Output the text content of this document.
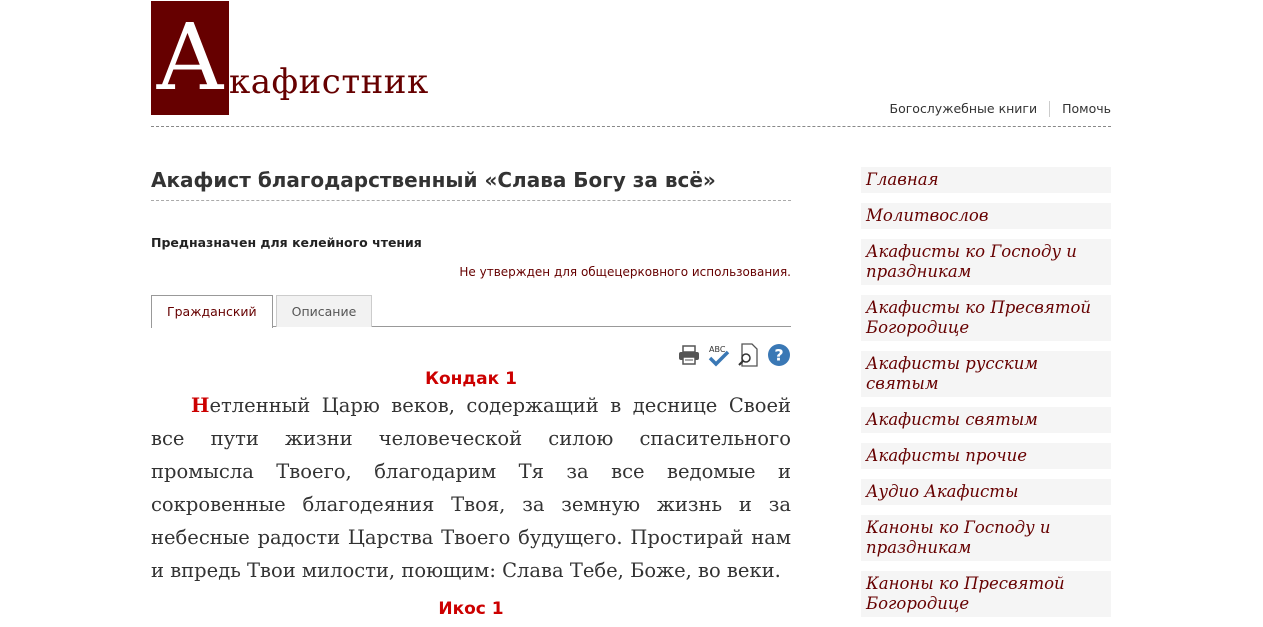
А кафистник
Богослужебные книги Помочь
Акафист благодарственный «Слава Богу за всё»
Предназначен для келейного чтения
Не утвержден для общецерковного использования.
Гражданский	Описание
ABC	?
Кондак 1

Нетленный Царю веков, содержащий в деснице Своей все пути жизни человеческой силою спасительного промысла Твоего, благодарим Тя за все ведомые и сокровенные благодеяния Твоя, за земную жизнь и за небесные радости Царства Твоего будущего. Простирай нам и впредь Твои милости, поющим: Слава Тебе, Боже, во веки.

Икос 1
Главная
Молитвослов
Акафисты ко Господу и праздникам
Акафисты ко Пресвятой Богородице
Акафисты русским святым
Акафисты святым
Акафисты прочие
Аудио Акафисты
Каноны ко Господу и праздникам
Каноны ко Пресвятой Богородице
